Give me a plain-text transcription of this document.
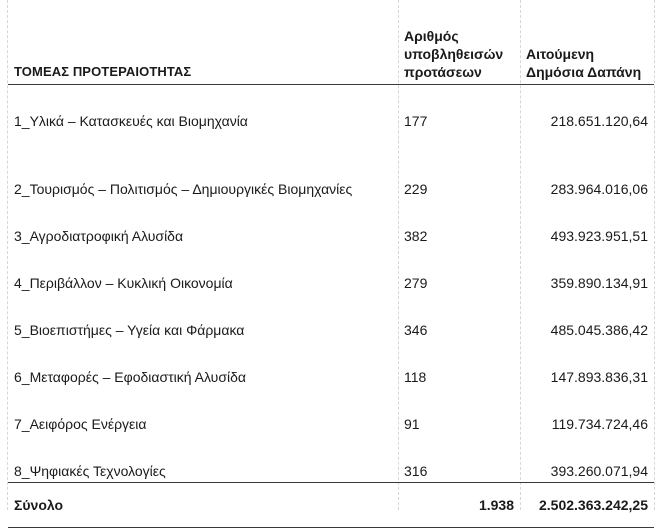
ΤΟΜΕΑΣ ΠΡΟΤΕΡΑΙΟΤΗΤΑΣ	Αριθμός
υποβληθεισών
προτάσεων	Αιτούμενη
Δημόσια Δαπάνη
1_Υλικά – Κατασκευές και Βιομηχανία	177	218.651.120,64

2_Τουρισμός – Πολιτισμός – Δημιουργικές Βιομηχανίες	229	283.964.016,06
3_Αγροδιατροφική Αλυσίδα	382	493.923.951,51
4_Περιβάλλον – Κυκλική Οικονομία	279	359.890.134,91
5_Βιοεπιστήμες – Υγεία και Φάρμακα	346	485.045.386,42
6_Μεταφορές – Εφοδιαστική Αλυσίδα	118	147.893.836,31
7_Αειφόρος Ενέργεια	91	119.734.724,46
8_Ψηφιακές Τεχνολογίες	316	393.260.071,94
Σύνολο	1.938	2.502.363.242,25
